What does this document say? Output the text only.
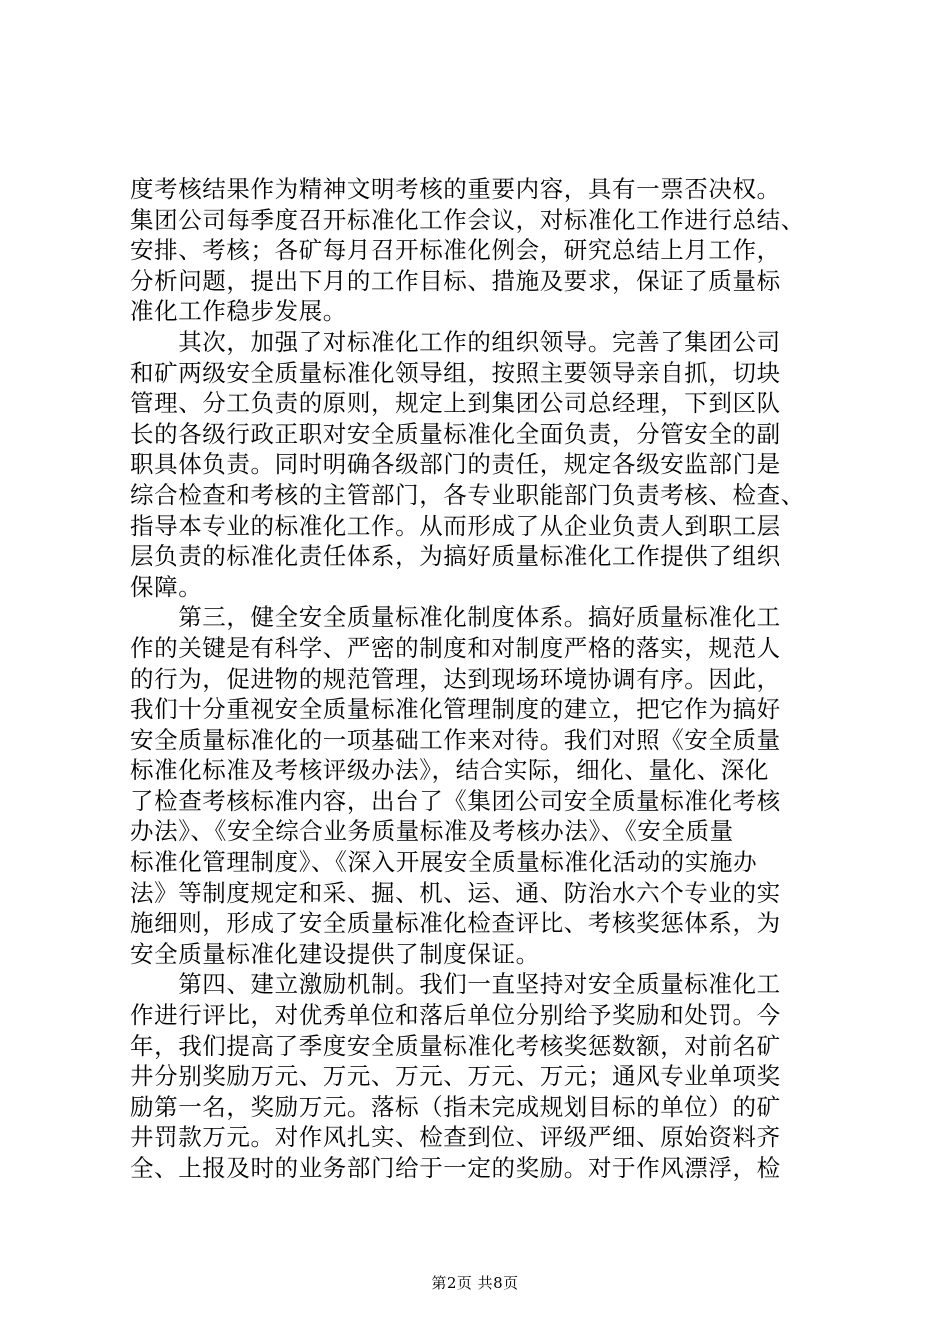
度考核结果作为精神文明考核的重要内容，具有一票否决权。
集团公司每季度召开标准化工作会议，对标准化工作进行总结、
安排、考核；各矿每月召开标准化例会，研究总结上月工作，
分析问题，提出下月的工作目标、措施及要求，保证了质量标
准化工作稳步发展。
　　其次，加强了对标准化工作的组织领导。完善了集团公司
和矿两级安全质量标准化领导组，按照主要领导亲自抓，切块
管理、分工负责的原则，规定上到集团公司总经理，下到区队
长的各级行政正职对安全质量标准化全面负责，分管安全的副
职具体负责。同时明确各级部门的责任，规定各级安监部门是
综合检查和考核的主管部门，各专业职能部门负责考核、检查、
指导本专业的标准化工作。从而形成了从企业负责人到职工层
层负责的标准化责任体系，为搞好质量标准化工作提供了组织
保障。
　　第三，健全安全质量标准化制度体系。搞好质量标准化工
作的关键是有科学、严密的制度和对制度严格的落实，规范人
的行为，促进物的规范管理，达到现场环境协调有序。因此，
我们十分重视安全质量标准化管理制度的建立，把它作为搞好
安全质量标准化的一项基础工作来对待。我们对照《安全质量
标准化标准及考核评级办法》，结合实际，细化、量化、深化
了检查考核标准内容，出台了《集团公司安全质量标准化考核
办法》、《安全综合业务质量标准及考核办法》、《安全质量
标准化管理制度》、《深入开展安全质量标准化活动的实施办
法》等制度规定和采、掘、机、运、通、防治水六个专业的实
施细则，形成了安全质量标准化检查评比、考核奖惩体系，为
安全质量标准化建设提供了制度保证。
　　第四、建立激励机制。我们一直坚持对安全质量标准化工
作进行评比，对优秀单位和落后单位分别给予奖励和处罚。今
年，我们提高了季度安全质量标准化考核奖惩数额，对前名矿
井分别奖励万元、万元、万元、万元、万元；通风专业单项奖
励第一名，奖励万元。落标（指未完成规划目标的单位）的矿
井罚款万元。对作风扎实、检查到位、评级严细、原始资料齐
全、上报及时的业务部门给于一定的奖励。对于作风漂浮，检
第2页 共8页
